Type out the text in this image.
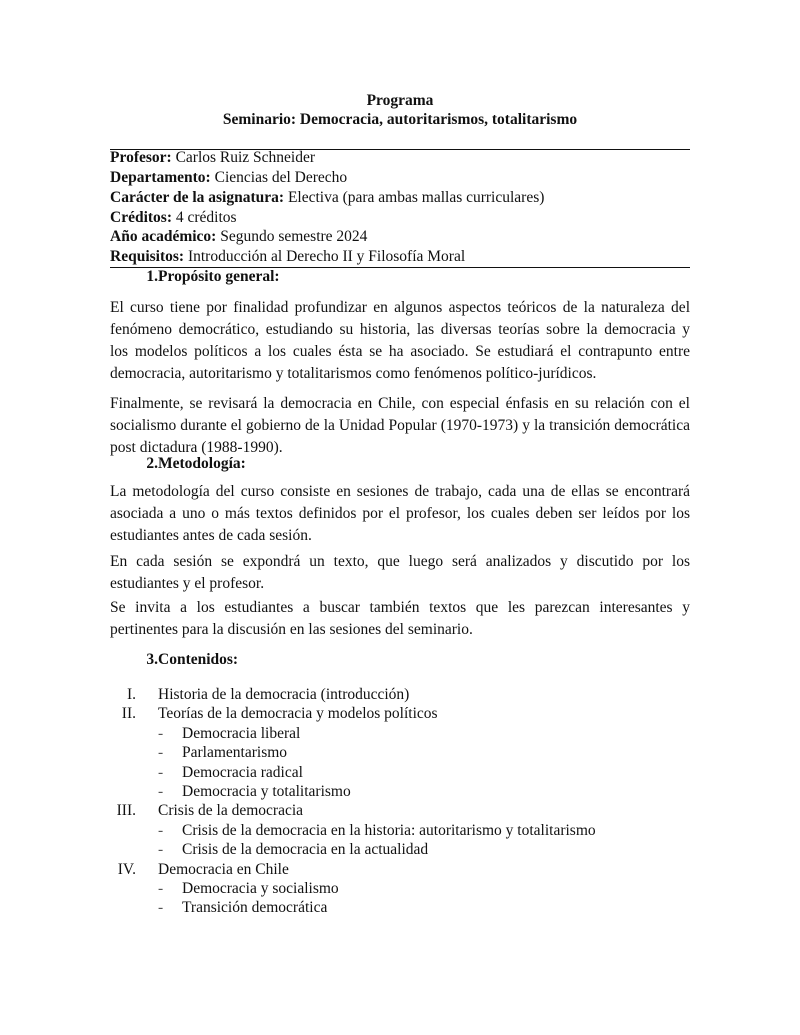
Programa
Seminario: Democracia, autoritarismos, totalitarismo
Profesor: Carlos Ruiz Schneider
Departamento: Ciencias del Derecho
Carácter de la asignatura: Electiva (para ambas mallas curriculares)
Créditos: 4 créditos
Año académico: Segundo semestre 2024
Requisitos: Introducción al Derecho II y Filosofía Moral
1. Propósito general:
El curso tiene por finalidad profundizar en algunos aspectos teóricos de la naturaleza del
fenómeno democrático, estudiando su historia, las diversas teorías sobre la democracia y
los modelos políticos a los cuales ésta se ha asociado. Se estudiará el contrapunto entre
democracia, autoritarismo y totalitarismos como fenómenos político-jurídicos.
Finalmente, se revisará la democracia en Chile, con especial énfasis en su relación con el
socialismo durante el gobierno de la Unidad Popular (1970-1973) y la transición democrática
post dictadura (1988-1990).
2. Metodología:
La metodología del curso consiste en sesiones de trabajo, cada una de ellas se encontrará
asociada a uno o más textos definidos por el profesor, los cuales deben ser leídos por los
estudiantes antes de cada sesión.
En cada sesión se expondrá un texto, que luego será analizados y discutido por los
estudiantes y el profesor.
Se invita a los estudiantes a buscar también textos que les parezcan interesantes y
pertinentes para la discusión en las sesiones del seminario.
3. Contenidos:
I. Historia de la democracia (introducción)
II. Teorías de la democracia y modelos políticos
- Democracia liberal
- Parlamentarismo
- Democracia radical
- Democracia y totalitarismo
III. Crisis de la democracia
- Crisis de la democracia en la historia: autoritarismo y totalitarismo
- Crisis de la democracia en la actualidad
IV. Democracia en Chile
- Democracia y socialismo
- Transición democrática
